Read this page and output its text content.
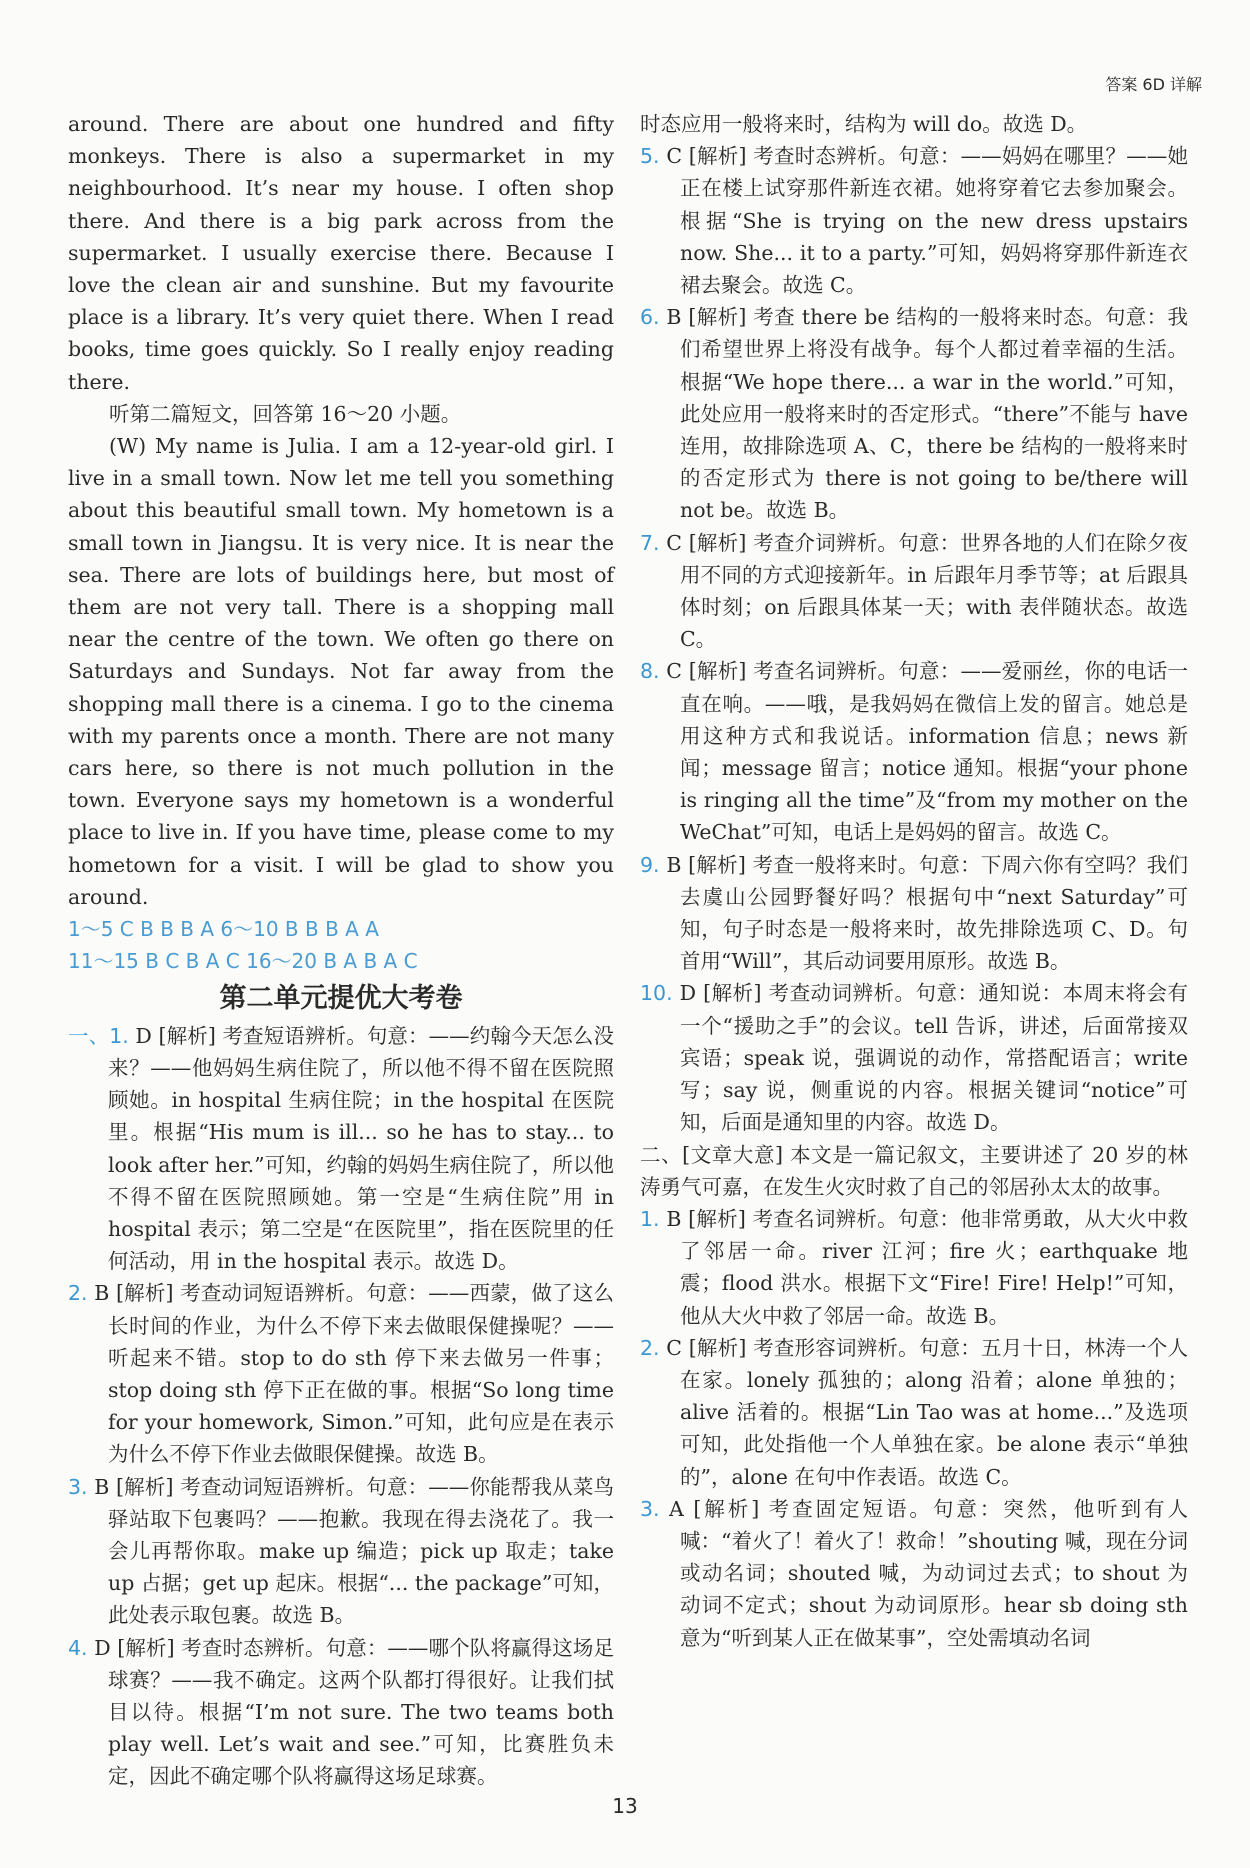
答案 6D 详解

around. There are about one hundred and fifty monkeys. There is also a supermarket in my neighbourhood. It’s near my house. I often shop there. And there is a big park across from the supermarket. I usually exercise there. Because I love the clean air and sunshine. But my favourite place is a library. It’s very quiet there. When I read books, time goes quickly. So I really enjoy reading there.

听第二篇短文，回答第 16～20 小题。

(W) My name is Julia. I am a 12-year-old girl. I live in a small town. Now let me tell you something about this beautiful small town. My hometown is a small town in Jiangsu. It is very nice. It is near the sea. There are lots of buildings here, but most of them are not very tall. There is a shopping mall near the centre of the town. We often go there on Saturdays and Sundays. Not far away from the shopping mall there is a cinema. I go to the cinema with my parents once a month. There are not many cars here, so there is not much pollution in the town. Everyone says my hometown is a wonderful place to live in. If you have time, please come to my hometown for a visit. I will be glad to show you around.

1～5 C B B B A 6～10 B B B A A

11～15 B C B A C 16～20 B A B A C

第二单元提优大考卷

一、1. D [解析] 考查短语辨析。句意：——约翰今天怎么没来？——他妈妈生病住院了，所以他不得不留在医院照顾她。in hospital 生病住院；in the hospital 在医院里。根据“His mum is ill... so he has to stay... to look after her.”可知，约翰的妈妈生病住院了，所以他不得不留在医院照顾她。第一空是“生病住院”用 in hospital 表示；第二空是“在医院里”，指在医院里的任何活动，用 in the hospital 表示。故选 D。

2. B [解析] 考查动词短语辨析。句意：——西蒙，做了这么长时间的作业，为什么不停下来去做眼保健操呢？——听起来不错。stop to do sth 停下来去做另一件事；stop doing sth 停下正在做的事。根据“So long time for your homework, Simon.”可知，此句应是在表示为什么不停下作业去做眼保健操。故选 B。

3. B [解析] 考查动词短语辨析。句意：——你能帮我从菜鸟驿站取下包裹吗？——抱歉。我现在得去浇花了。我一会儿再帮你取。make up 编造；pick up 取走；take up 占据；get up 起床。根据“... the package”可知，此处表示取包裹。故选 B。

4. D [解析] 考查时态辨析。句意：——哪个队将赢得这场足球赛？——我不确定。这两个队都打得很好。让我们拭目以待。根据“I’m not sure. The two teams both play well. Let’s wait and see.”可知，比赛胜负未定，因此不确定哪个队将赢得这场足球赛。

时态应用一般将来时，结构为 will do。故选 D。

5. C [解析] 考查时态辨析。句意：——妈妈在哪里？——她正在楼上试穿那件新连衣裙。她将穿着它去参加聚会。根据“She is trying on the new dress upstairs now. She... it to a party.”可知，妈妈将穿那件新连衣裙去聚会。故选 C。

6. B [解析] 考查 there be 结构的一般将来时态。句意：我们希望世界上将没有战争。每个人都过着幸福的生活。根据“We hope there... a war in the world.”可知，此处应用一般将来时的否定形式。“there”不能与 have 连用，故排除选项 A、C，there be 结构的一般将来时的否定形式为 there is not going to be/there will not be。故选 B。

7. C [解析] 考查介词辨析。句意：世界各地的人们在除夕夜用不同的方式迎接新年。in 后跟年月季节等；at 后跟具体时刻；on 后跟具体某一天；with 表伴随状态。故选 C。

8. C [解析] 考查名词辨析。句意：——爱丽丝，你的电话一直在响。——哦，是我妈妈在微信上发的留言。她总是用这种方式和我说话。information 信息；news 新闻；message 留言；notice 通知。根据“your phone is ringing all the time”及“from my mother on the WeChat”可知，电话上是妈妈的留言。故选 C。

9. B [解析] 考查一般将来时。句意：下周六你有空吗？我们去虞山公园野餐好吗？根据句中“next Saturday”可知，句子时态是一般将来时，故先排除选项 C、D。句首用“Will”，其后动词要用原形。故选 B。

10. D [解析] 考查动词辨析。句意：通知说：本周末将会有一个“援助之手”的会议。tell 告诉，讲述，后面常接双宾语；speak 说，强调说的动作，常搭配语言；write 写；say 说，侧重说的内容。根据关键词“notice”可知，后面是通知里的内容。故选 D。

二、[文章大意] 本文是一篇记叙文，主要讲述了 20 岁的林涛勇气可嘉，在发生火灾时救了自己的邻居孙太太的故事。

1. B [解析] 考查名词辨析。句意：他非常勇敢，从大火中救了邻居一命。river 江河；fire 火；earthquake 地震；flood 洪水。根据下文“Fire! Fire! Help!”可知，他从大火中救了邻居一命。故选 B。

2. C [解析] 考查形容词辨析。句意：五月十日，林涛一个人在家。lonely 孤独的；along 沿着；alone 单独的；alive 活着的。根据“Lin Tao was at home...”及选项可知，此处指他一个人单独在家。be alone 表示“单独的”，alone 在句中作表语。故选 C。

3. A [解析] 考查固定短语。句意：突然，他听到有人喊：“着火了！着火了！救命！”shouting 喊，现在分词或动名词；shouted 喊，为动词过去式；to shout 为动词不定式；shout 为动词原形。hear sb doing sth 意为“听到某人正在做某事”，空处需填动名词

13
